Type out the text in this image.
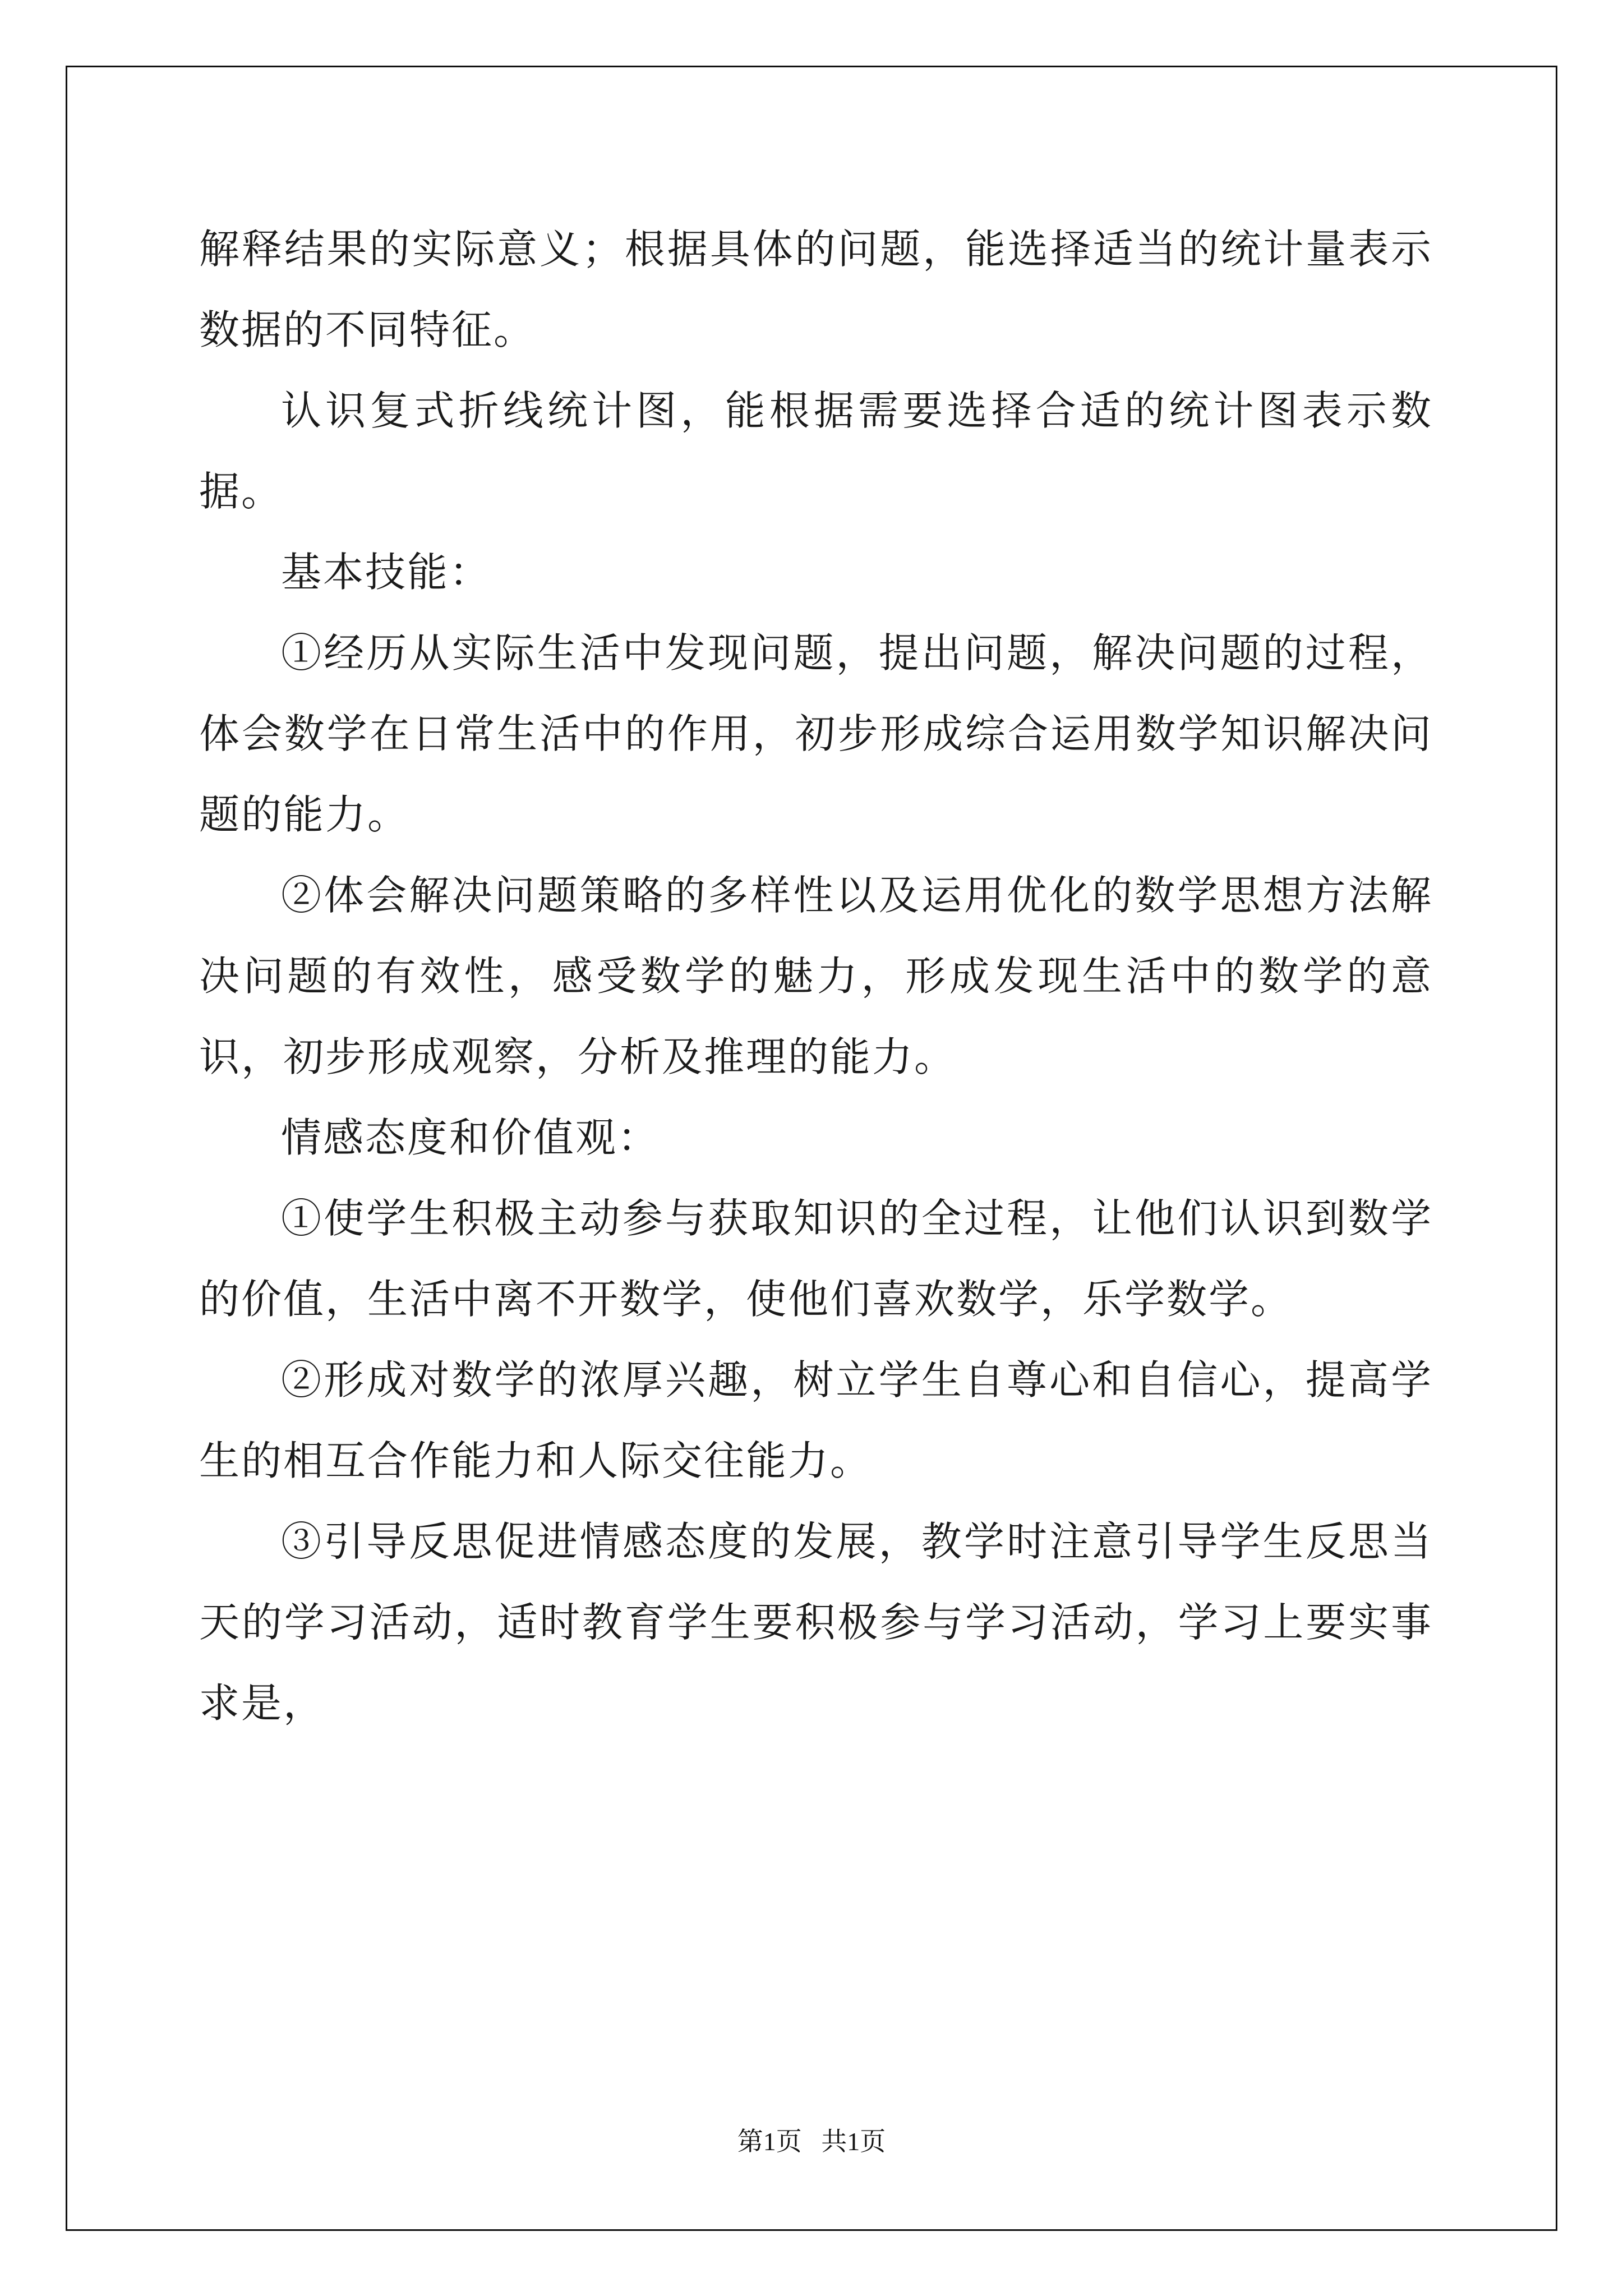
解释结果的实际意义；根据具体的问题，能选择适当的统计量表示数据的不同特征。

认识复式折线统计图，能根据需要选择合适的统计图表示数据。

基本技能：

①经历从实际生活中发现问题，提出问题，解决问题的过程，体会数学在日常生活中的作用，初步形成综合运用数学知识解决问题的能力。

②体会解决问题策略的多样性以及运用优化的数学思想方法解决问题的有效性，感受数学的魅力，形成发现生活中的数学的意识，初步形成观察，分析及推理的能力。

情感态度和价值观：

①使学生积极主动参与获取知识的全过程，让他们认识到数学的价值，生活中离不开数学，使他们喜欢数学，乐学数学。

②形成对数学的浓厚兴趣，树立学生自尊心和自信心，提高学生的相互合作能力和人际交往能力。

③引导反思促进情感态度的发展，教学时注意引导学生反思当天的学习活动，适时教育学生要积极参与学习活动，学习上要实事求是，

第1页   共1页
